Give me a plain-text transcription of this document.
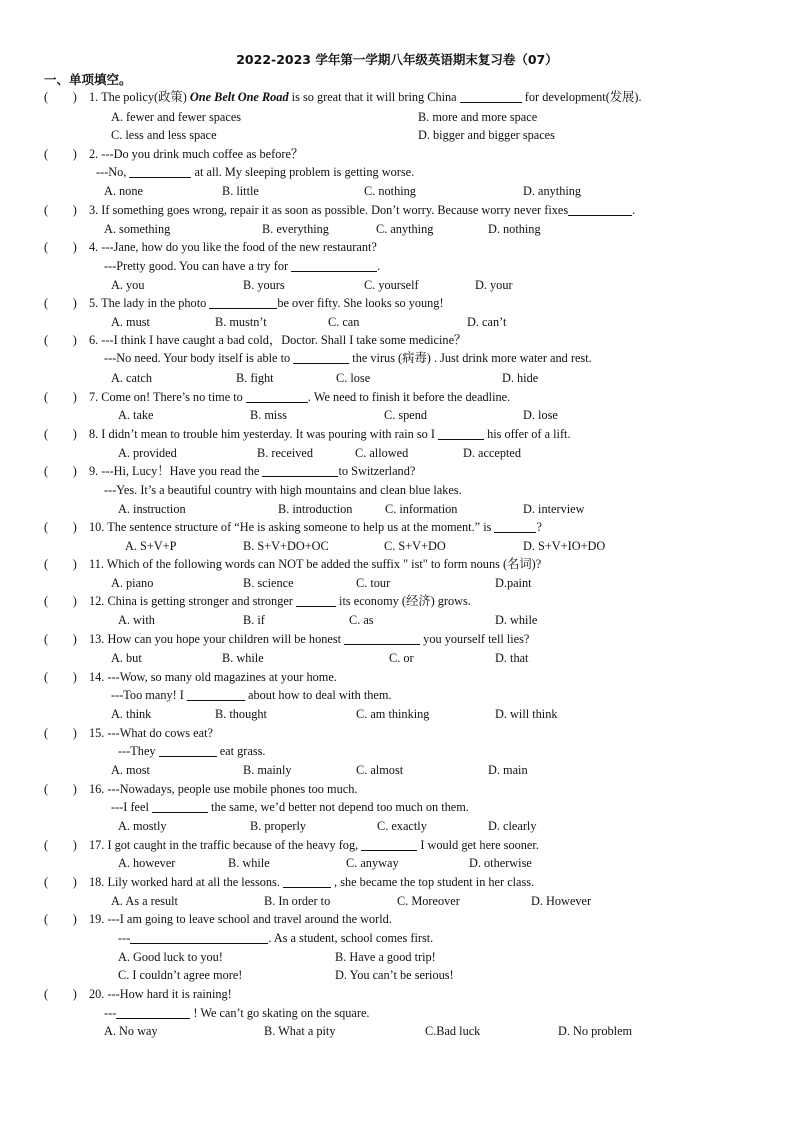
2022-2023 学年第一学期八年级英语期末复习卷（07）
一、单项填空。
(        ) 1. The policy(政策) One Belt One Road is so great that it will bring China	for development(发展).
A. fewer and fewer spaces	B. more and more space
C. less and less space	D. bigger and bigger spaces
(        ) 2. ---Do you drink much coffee as before？
---No,	at all. My sleeping problem is getting worse.
A. none	B. little	C. nothing	D. anything
(        ) 3. If something goes wrong, repair it as soon as possible. Don’t worry. Because worry never fixes	.
A. something	B. everything	C. anything	D. nothing
(        ) 4. ---Jane, how do you like the food of the new restaurant?
---Pretty good. You can have a try for	.
A. you	B. yours	C. yourself	D. your
(        ) 5. The lady in the photo	be over fifty. She looks so young!
A. must	B. mustn’t	C. can	D. can’t
(        ) 6. ---I think I have caught a bad cold，Doctor. Shall I take some medicine？
---No need. Your body itself is able to	the virus (病毒) . Just drink more water and rest.
A. catch	B. fight	C. lose	D. hide
(        ) 7. Come on! There’s no time to	. We need to finish it before the deadline.
A. take	B. miss	C. spend	D. lose
(        ) 8. I didn’t mean to trouble him yesterday. It was pouring with rain so I	his offer of a lift.
A. provided	B. received	C. allowed	D. accepted
(        ) 9. ---Hi, Lucy！Have you read the	to Switzerland?
---Yes. It’s a beautiful country with high mountains and clean blue lakes.
A. instruction	B. introduction	C. information	D. interview
(        ) 10. The sentence structure of “He is asking someone to help us at the moment.” is	?
A. S+V+P	B. S+V+DO+OC	C. S+V+DO	D. S+V+IO+DO
(        ) 11. Which of the following words can NOT be added the suffix " ist" to form nouns (名词)?
A. piano	B. science	C. tour	D.paint
(        ) 12. China is getting stronger and stronger	its economy (经济) grows.
A. with	B. if	C. as	D. while
(        ) 13. How can you hope your children will be honest	you yourself tell lies?
A. but	B. while	C. or	D. that
(        ) 14. ---Wow, so many old magazines at your home.
---Too many! I	about how to deal with them.
A. think	B. thought	C. am thinking	D. will think
(        ) 15. ---What do cows eat?
---They	eat grass.
A. most	B. mainly	C. almost	D. main
(        ) 16. ---Nowadays, people use mobile phones too much.
---I feel	the same, we’d better not depend too much on them.
A. mostly	B. properly	C. exactly	D. clearly
(        ) 17. I got caught in the traffic because of the heavy fog,	I would get here sooner.
A. however	B. while	C. anyway	D. otherwise
(        ) 18. Lily worked hard at all the lessons.	, she became the top student in her class.
A. As a result	B. In order to	C. Moreover	D. However
(        ) 19. ---I am going to leave school and travel around the world.
---	. As a student, school comes first.
A. Good luck to you!	B. Have a good trip!
C. I couldn’t agree more!	D. You can’t be serious!
(        ) 20. ---How hard it is raining!
---	! We can’t go skating on the square.
A. No way	B. What a pity	C.Bad luck	D. No problem
